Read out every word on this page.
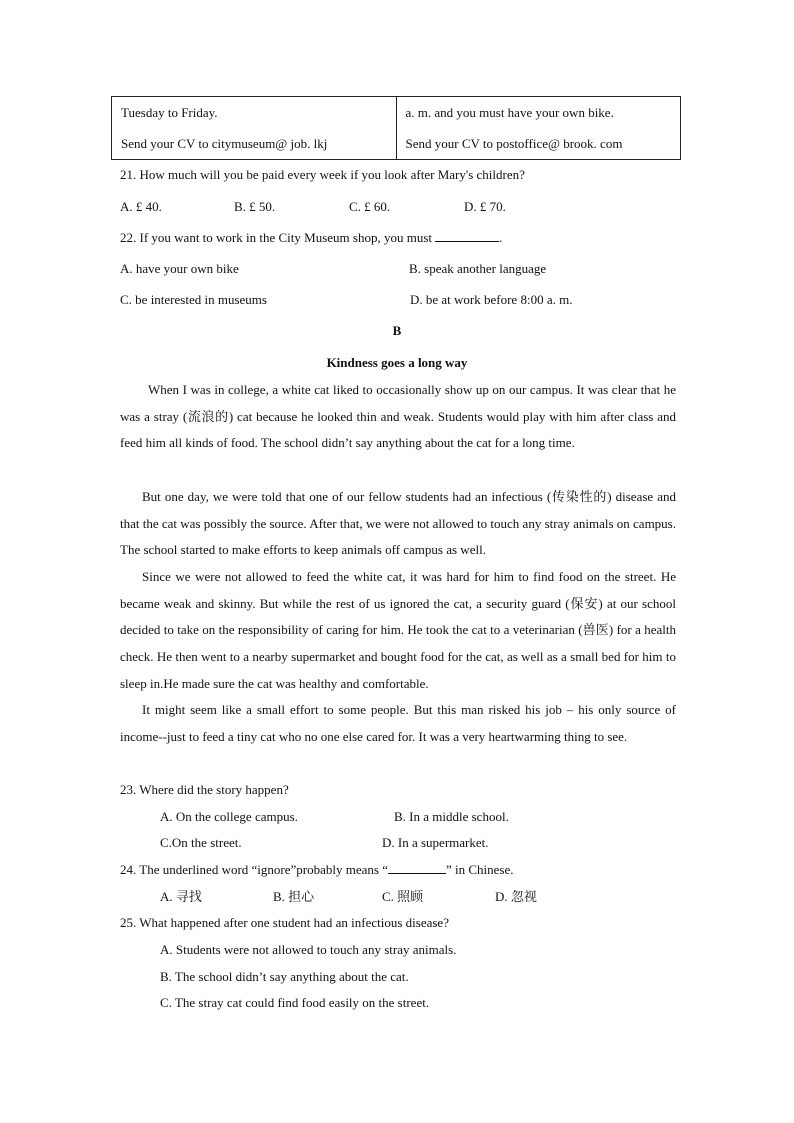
Tuesday to Friday.
Send your CV to citymuseum@ job. lkj

a. m. and you must have your own bike.
Send your CV to postoffice@ brook. com
21. How much will you be paid every week if you look after Mary's children?
A. £ 40.	B. £ 50.	C. £ 60.	D. £ 70.
22. If you want to work in the City Museum shop, you must	.
A. have your own bike	B. speak another language
C. be interested in museums	D. be at work before 8:00 a. m.
B
Kindness goes a long way
When I was in college, a white cat liked to occasionally show up on our campus. It was clear that he was a stray (流浪的) cat because he looked thin and weak. Students would play with him after class and feed him all kinds of food. The school didn’t say anything about the cat for a long time.
But one day, we were told that one of our fellow students had an infectious (传染性的) disease and that the cat was possibly the source. After that, we were not allowed to touch any stray animals on campus. The school started to make efforts to keep animals off campus as well.
Since we were not allowed to feed the white cat, it was hard for him to find food on the street. He became weak and skinny. But while the rest of us ignored the cat, a security guard (保安) at our school decided to take on the responsibility of caring for him. He took the cat to a veterinarian (兽医) for a health check. He then went to a nearby supermarket and bought food for the cat, as well as a small bed for him to sleep in.He made sure the cat was healthy and comfortable.
It might seem like a small effort to some people. But this man risked his job – his only source of income--just to feed a tiny cat who no one else cared for. It was a very heartwarming thing to see.
23. Where did the story happen?
A. On the college campus.	B. In a middle school.
C.On the street.	D. In a supermarket.
24. The underlined word “ignore”probably means “	” in Chinese.
A. 寻找	B. 担心	C. 照顾	D. 忽视
25. What happened after one student had an infectious disease?
A. Students were not allowed to touch any stray animals.
B. The school didn’t say anything about the cat.
C. The stray cat could find food easily on the street.
